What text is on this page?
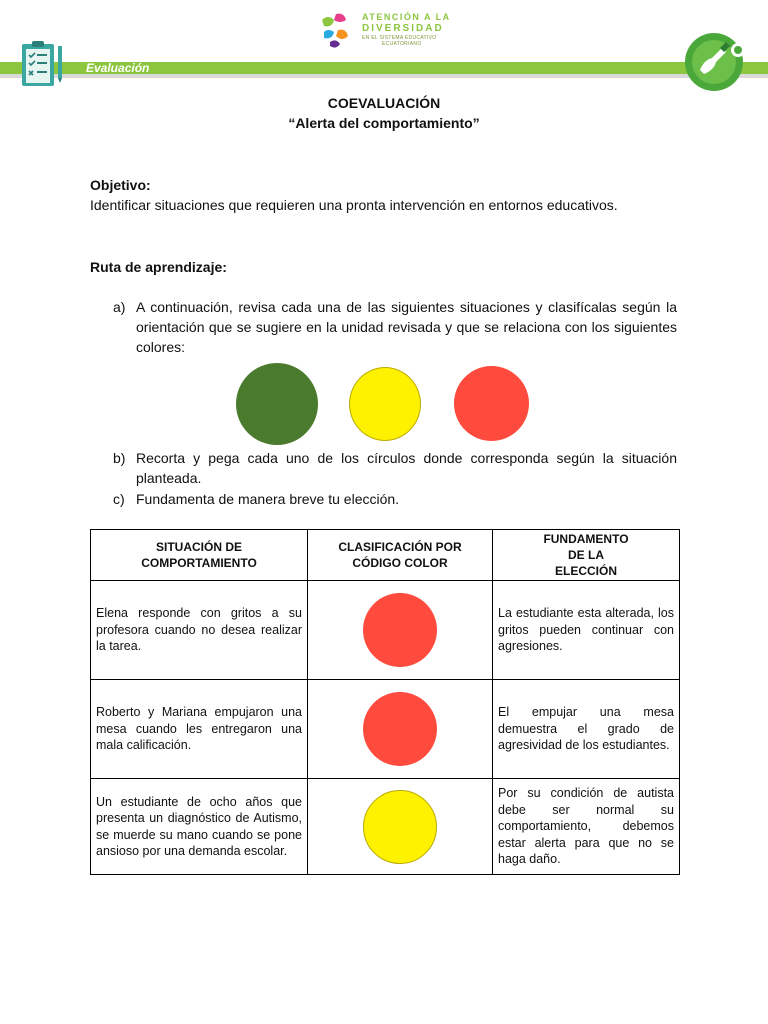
Evaluación
ATENCIÓN A LA
DIVERSIDAD
EN EL SISTEMA EDUCATIVO
ECUATORIANO
COEVALUACIÓN
“Alerta del comportamiento”
Objetivo:
Identificar situaciones que requieren una pronta intervención en entornos educativos.
Ruta de aprendizaje:
a) A continuación, revisa cada una de las siguientes situaciones y clasifícalas según la orientación que se sugiere en la unidad revisada y que se relaciona con los siguientes colores:
b) Recorta y pega cada uno de los círculos donde corresponda según la situación planteada.
c) Fundamenta de manera breve tu elección.
SITUACIÓN DE COMPORTAMIENTO	CLASIFICACIÓN POR CÓDIGO COLOR	FUNDAMENTO DE LA ELECCIÓN

Elena responde con gritos a su profesora cuando no desea realizar la tarea.		La estudiante esta alterada, los gritos pueden continuar con agresiones.
Roberto y Mariana empujaron una mesa cuando les entregaron una mala calificación.		El empujar una mesa demuestra el grado de agresividad de los estudiantes.
Un estudiante de ocho años que presenta un diagnóstico de Autismo, se muerde su mano cuando se pone ansioso por una demanda escolar.		Por su condición de autista debe ser normal su comportamiento, debemos estar alerta para que no se haga daño.
